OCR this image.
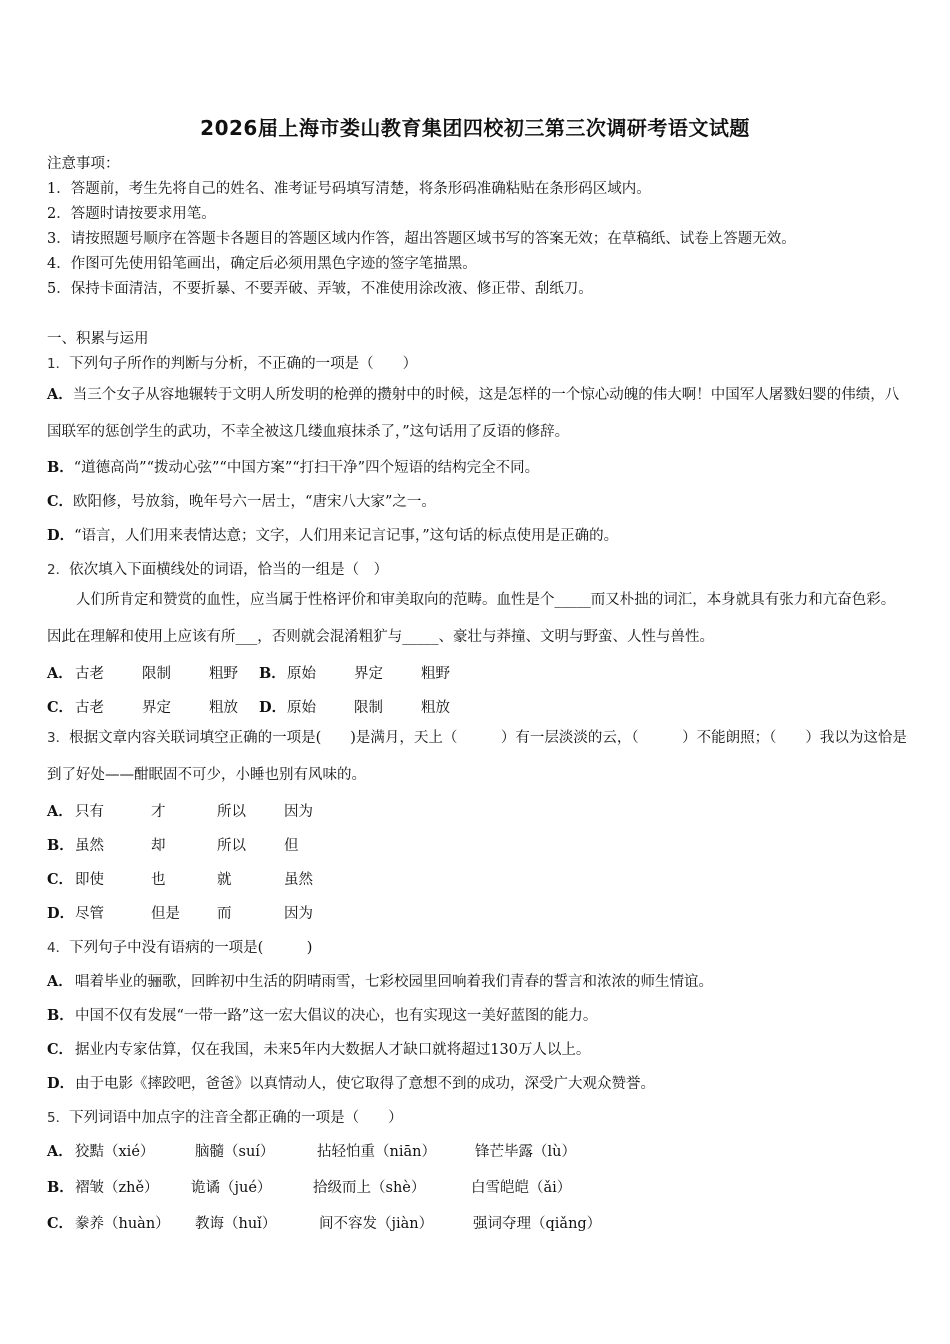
2026届上海市娄山教育集团四校初三第三次调研考语文试题
注意事项：
1．答题前，考生先将自己的姓名、准考证号码填写清楚，将条形码准确粘贴在条形码区域内。
2．答题时请按要求用笔。
3．请按照题号顺序在答题卡各题目的答题区域内作答，超出答题区域书写的答案无效；在草稿纸、试卷上答题无效。
4．作图可先使用铅笔画出，确定后必须用黑色字迹的签字笔描黑。
5．保持卡面清洁，不要折暴、不要弄破、弄皱，不准使用涂改液、修正带、刮纸刀。
一、积累与运用
1．下列句子所作的判断与分析，不正确的一项是（　　）
A．当三个女子从容地辗转于文明人所发明的枪弹的攒射中的时候，这是怎样的一个惊心动魄的伟大啊！中国军人屠戮妇婴的伟绩，八国联军的惩创学生的武功，不幸全被这几缕血痕抹杀了，”这句话用了反语的修辞。
B．“道德高尚”“拨动心弦”“中国方案”“打扫干净”四个短语的结构完全不同。
C．欧阳修，号放翁，晚年号六一居士，“唐宋八大家”之一。
D．“语言，人们用来表情达意；文字，人们用来记言记事，”这句话的标点使用是正确的。
2．依次填入下面横线处的词语，恰当的一组是（　）
人们所肯定和赞赏的血性，应当属于性格评价和审美取向的范畴。血性是个_____而又朴拙的词汇，本身就具有张力和亢奋色彩。因此在理解和使用上应该有所___，否则就会混淆粗犷与_____、豪壮与莽撞、文明与野蛮、人性与兽性。
A． 古老	限制	粗野 B．原始	界定	粗野
C． 古老	界定	粗放 D．原始	限制	粗放
3．根据文章内容关联词填空正确的一项是(　　)是满月，天上（　　　）有一层淡淡的云，（　　　）不能朗照；（　　）我以为这恰是到了好处——酣眠固不可少，小睡也别有风味的。
A． 只有	才	所以	因为
B．虽然	却	所以	但
C． 即使	也	就	虽然
D．尽管	但是	而	因为
4．下列句子中没有语病的一项是(　　　)
A． 唱着毕业的骊歌，回眸初中生活的阴晴雨雪，七彩校园里回响着我们青春的誓言和浓浓的师生情谊。
B．中国不仅有发展“一带一路”这一宏大倡议的决心，也有实现这一美好蓝图的能力。
C． 据业内专家估算，仅在我国，未来5年内大数据人才缺口就将超过130万人以上。
D．由于电影《摔跤吧，爸爸》以真情动人，使它取得了意想不到的成功，深受广大观众赞誉。
5．下列词语中加点字的注音全都正确的一项是（　　）
A． 狡黠（xié）	脑髓（suí）	拈轻怕重（niān）	锋芒毕露（lù）
B．褶皱（zhě） 诡谲（jué）	拾级而上（shè）	白雪皑皑（ǎi）
C． 豢养（huàn） 教诲（huǐ）	间不容发（jiàn）	强词夺理（qiǎng）
